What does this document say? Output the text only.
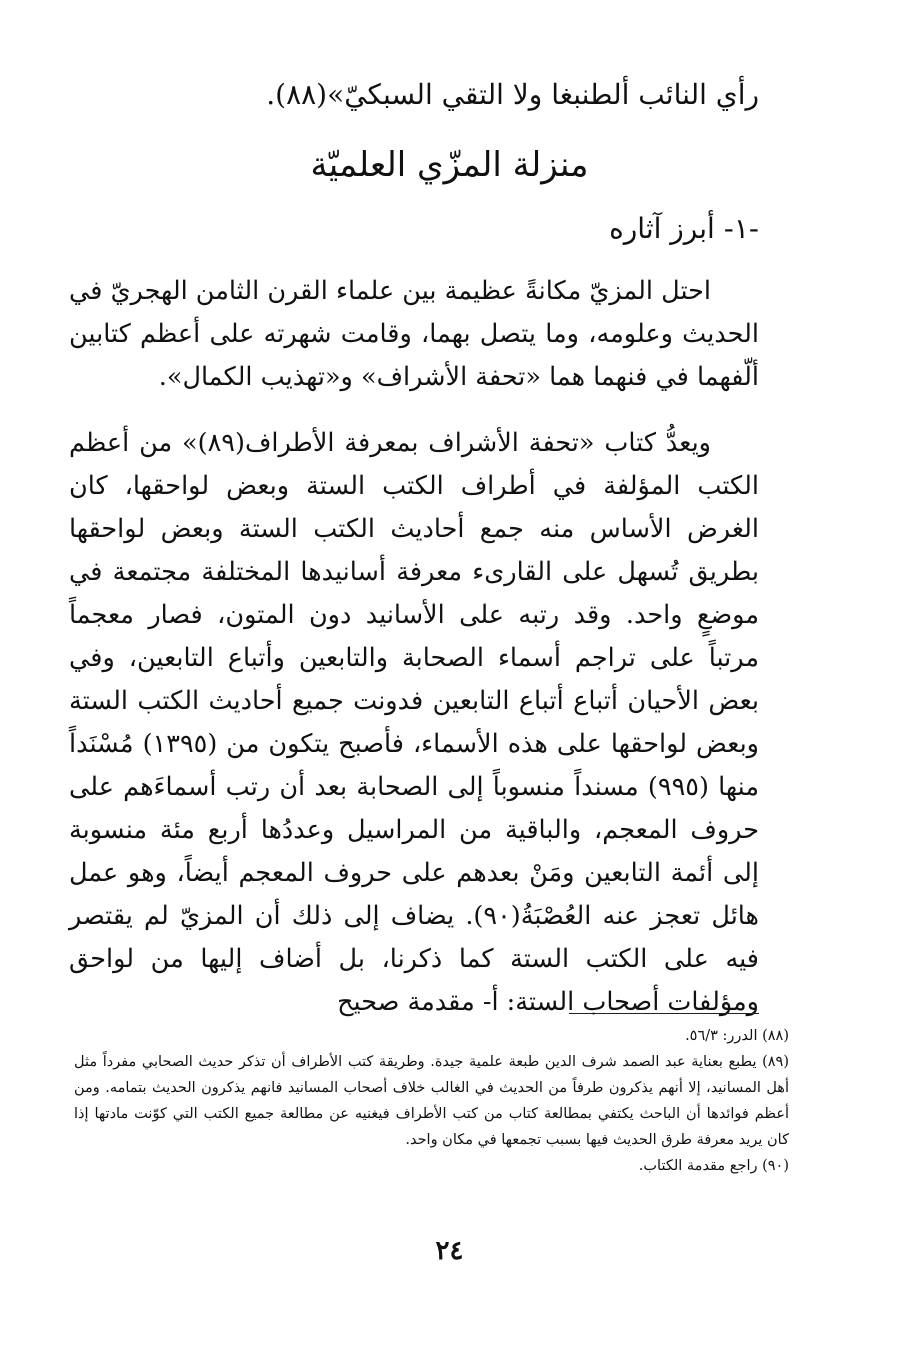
رأي النائب ألطنبغا ولا التقي السبكيّ»(٨٨).
منزلة المزّي العلميّة
-١- أبرز آثاره
احتل المزيّ مكانةً عظيمة بين علماء القرن الثامن الهجريّ في الحديث وعلومه، وما يتصل بهما، وقامت شهرته على أعظم كتابين ألّفهما في فنهما هما «تحفة الأشراف» و«تهذيب الكمال».
ويعدُّ كتاب «تحفة الأشراف بمعرفة الأطراف(٨٩)» من أعظم الكتب المؤلفة في أطراف الكتب الستة وبعض لواحقها، كان الغرض الأساس منه جمع أحاديث الكتب الستة وبعض لواحقها بطريق تُسهل على القارىء معرفة أسانيدها المختلفة مجتمعة في موضعٍ واحد. وقد رتبه على الأسانيد دون المتون، فصار معجماً مرتباً على تراجم أسماء الصحابة والتابعين وأتباع التابعين، وفي بعض الأحيان أتباع أتباع التابعين فدونت جميع أحاديث الكتب الستة وبعض لواحقها على هذه الأسماء، فأصبح يتكون من (١٣٩٥) مُسْنَداً منها (٩٩٥) مسنداً منسوباً إلى الصحابة بعد أن رتب أسماءَهم على حروف المعجم، والباقية من المراسيل وعددُها أربع مئة منسوبة إلى أئمة التابعين ومَنْ بعدهم على حروف المعجم أيضاً، وهو عمل هائل تعجز عنه العُصْبَةُ(٩٠). يضاف إلى ذلك أن المزيّ لم يقتصر فيه على الكتب الستة كما ذكرنا، بل أضاف إليها من لواحق ومؤلفات أصحاب الستة: أ- مقدمة صحيح

(٨٨) الدرر: ٥٦/٣.

(٨٩) يطبع بعناية عبد الصمد شرف الدين طبعة علمية جيدة. وطريقة كتب الأطراف أن تذكر حديث الصحابي مفرداً مثل أهل المسانيد، إلا أنهم يذكرون طرفاً من الحديث في الغالب خلاف أصحاب المسانيد فانهم يذكرون الحديث بتمامه. ومن أعظم فوائدها أن الباحث يكتفي بمطالعة كتاب من كتب الأطراف فيغنيه عن مطالعة جميع الكتب التي كوّنت مادتها إذا كان يريد معرفة طرق الحديث فيها بسبب تجمعها في مكان واحد.

(٩٠) راجع مقدمة الكتاب.

٢٤
